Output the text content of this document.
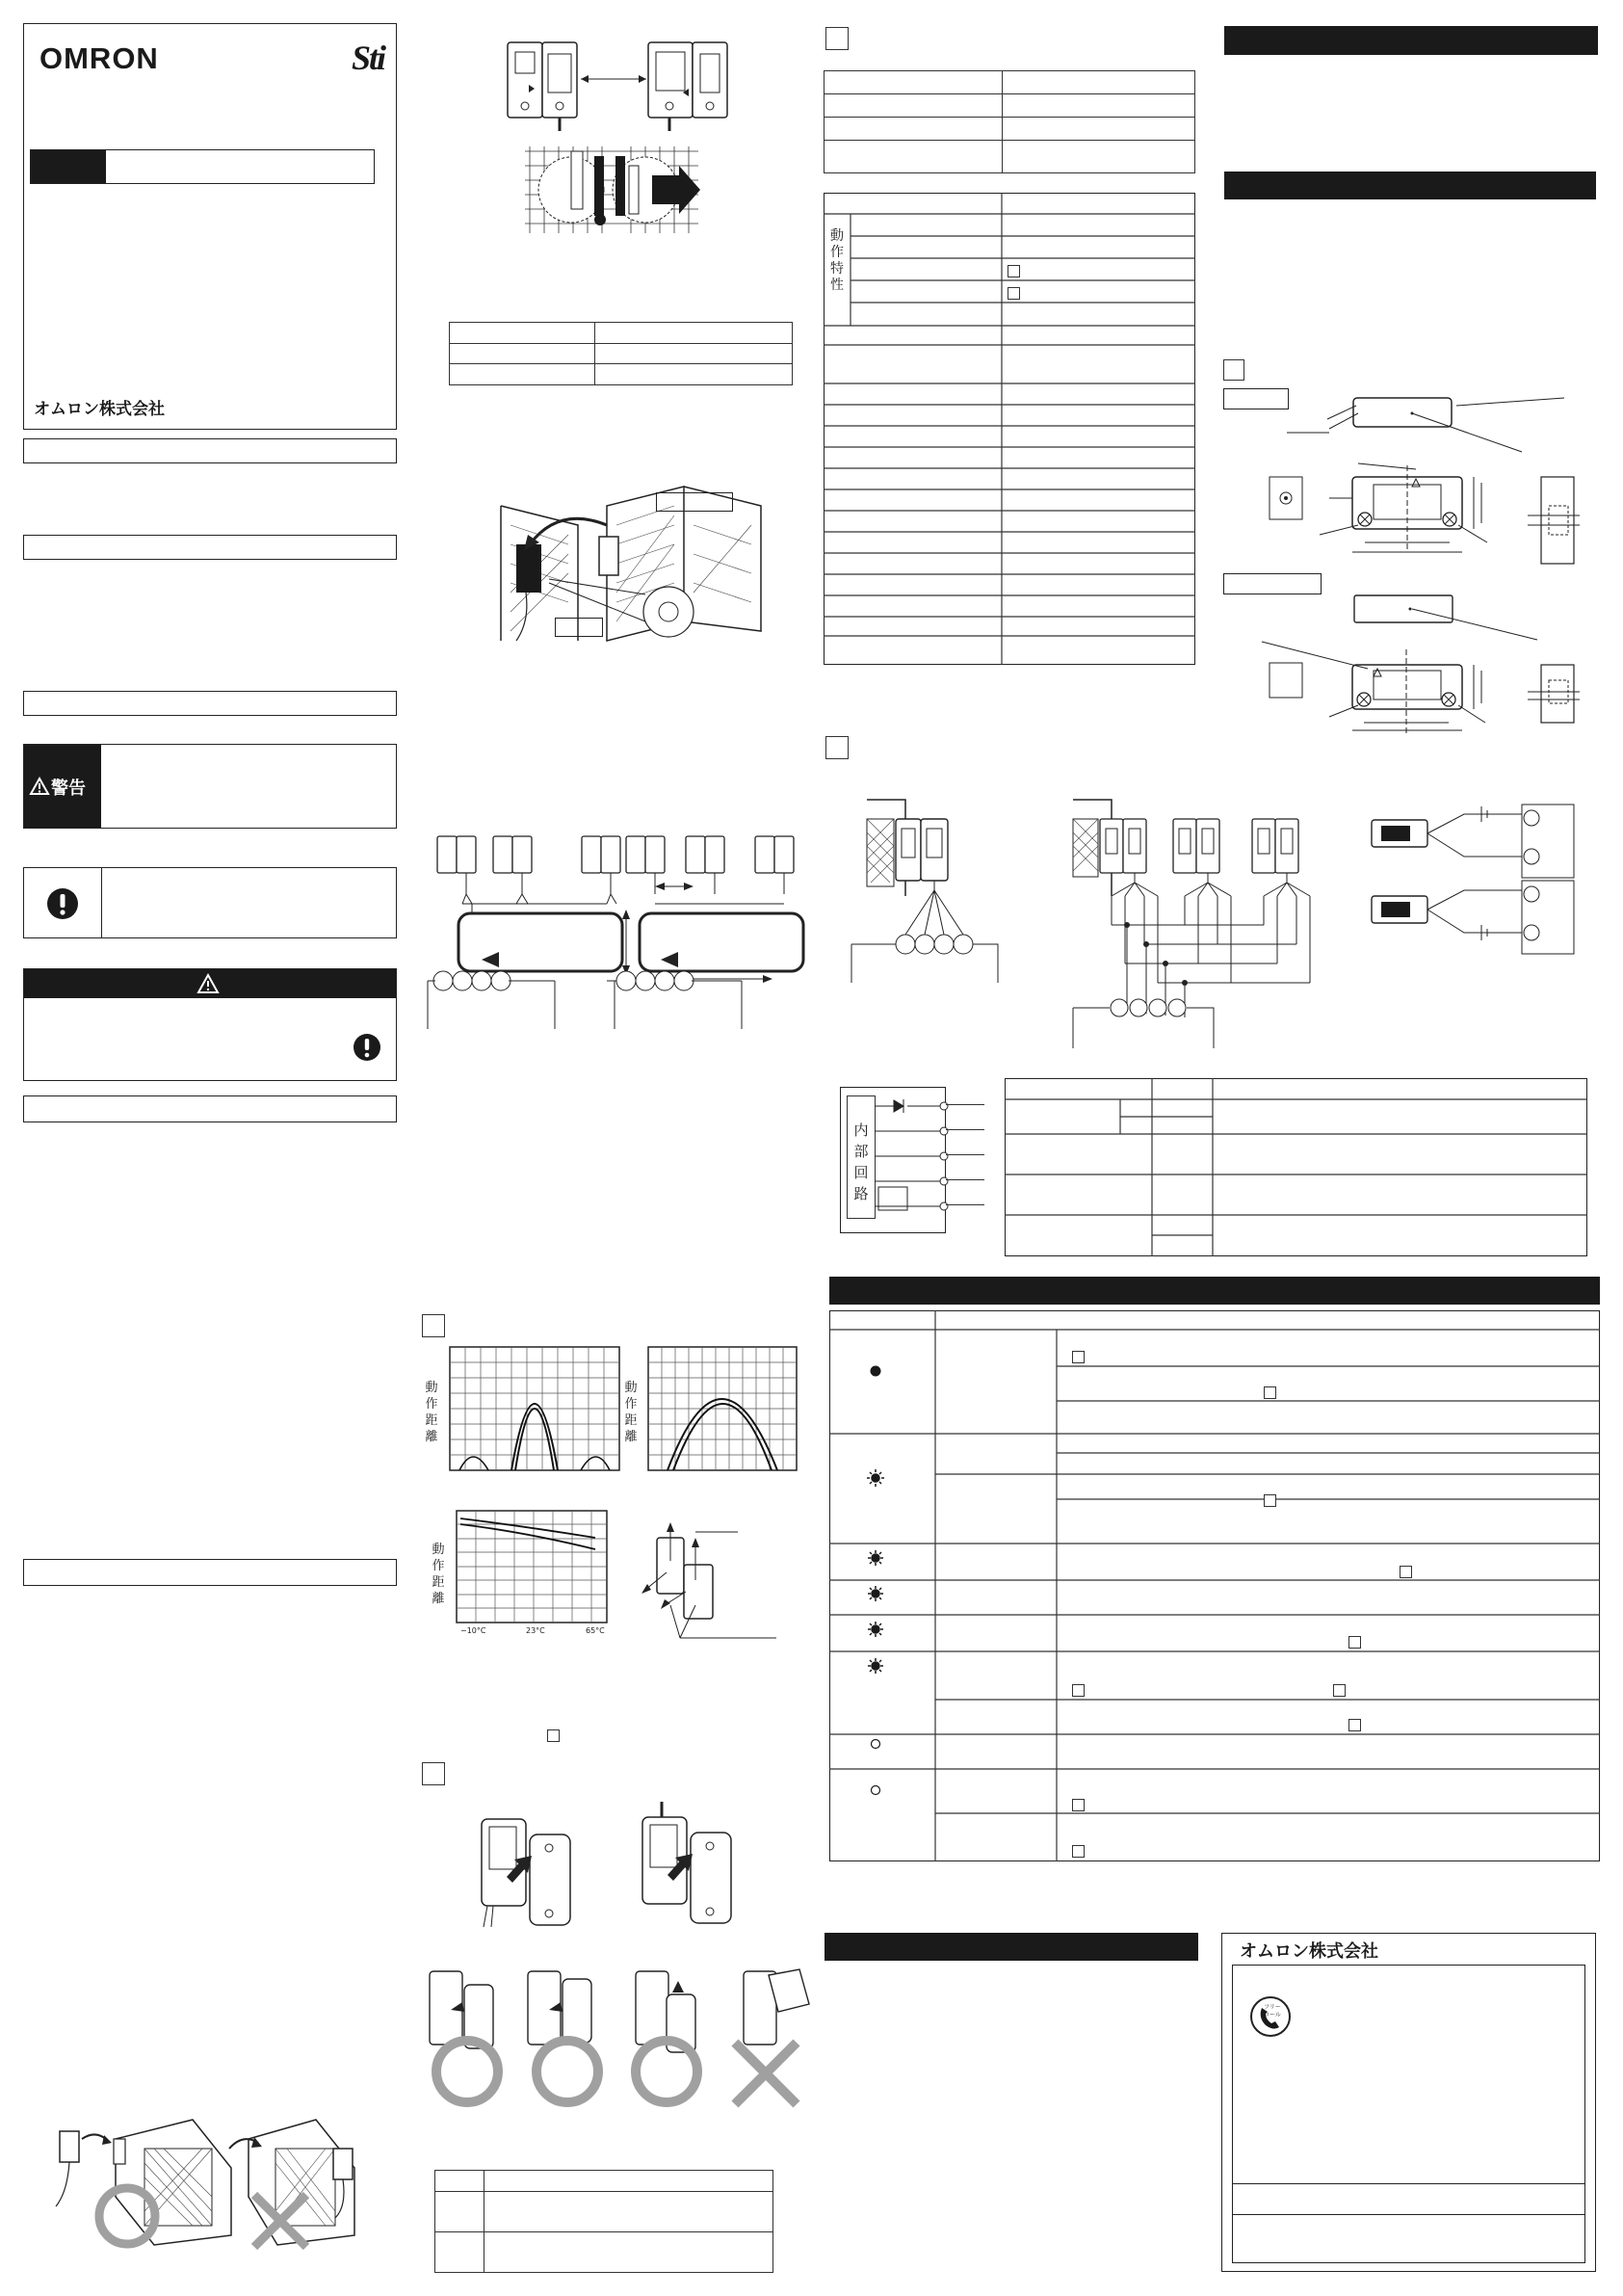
OMRON	Sti
オムロン株式会社
警告

動作距離
動作距離
動作距離
−10°C	23°C	65°C

動作特性
内部回路
オムロン株式会社
フリーコール
